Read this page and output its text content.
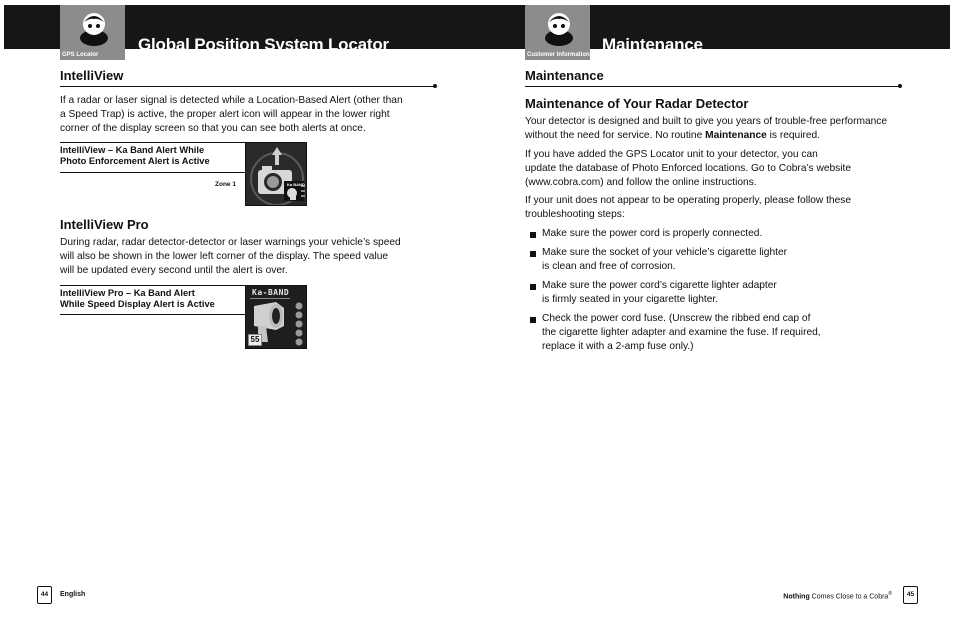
GPS Locator
Global Position System Locator
IntelliView
If a radar or laser signal is detected while a Location-Based Alert (other than
a Speed Trap) is active, the proper alert icon will appear in the lower right
corner of the display screen so that you can see both alerts at once.
IntelliView – Ka Band Alert While
Photo Enforcement Alert is Active
Zone 1	Ka BAND
IntelliView Pro
During radar, radar detector-detector or laser warnings your vehicle’s speed
will also be shown in the lower left corner of the display. The speed value
will be updated every second until the alert is over.
IntelliView Pro – Ka Band Alert
While Speed Display Alert is Active
Ka-BAND
55
44	English
Customer Information
Maintenance
Maintenance
Maintenance of Your Radar Detector
Your detector is designed and built to give you years of trouble-free performance
without the need for service. No routine Maintenance is required.
If you have added the GPS Locator unit to your detector, you can
update the database of Photo Enforced locations. Go to Cobra’s website
(www.cobra.com) and follow the online instructions.
If your unit does not appear to be operating properly, please follow these
troubleshooting steps:
Make sure the power cord is properly connected.
Make sure the socket of your vehicle’s cigarette lighter
is clean and free of corrosion.
Make sure the power cord’s cigarette lighter adapter
is firmly seated in your cigarette lighter.
Check the power cord fuse. (Unscrew the ribbed end cap of
the cigarette lighter adapter and examine the fuse. If required,
replace it with a 2-amp fuse only.)
Nothing Comes Close to a Cobra®	45
